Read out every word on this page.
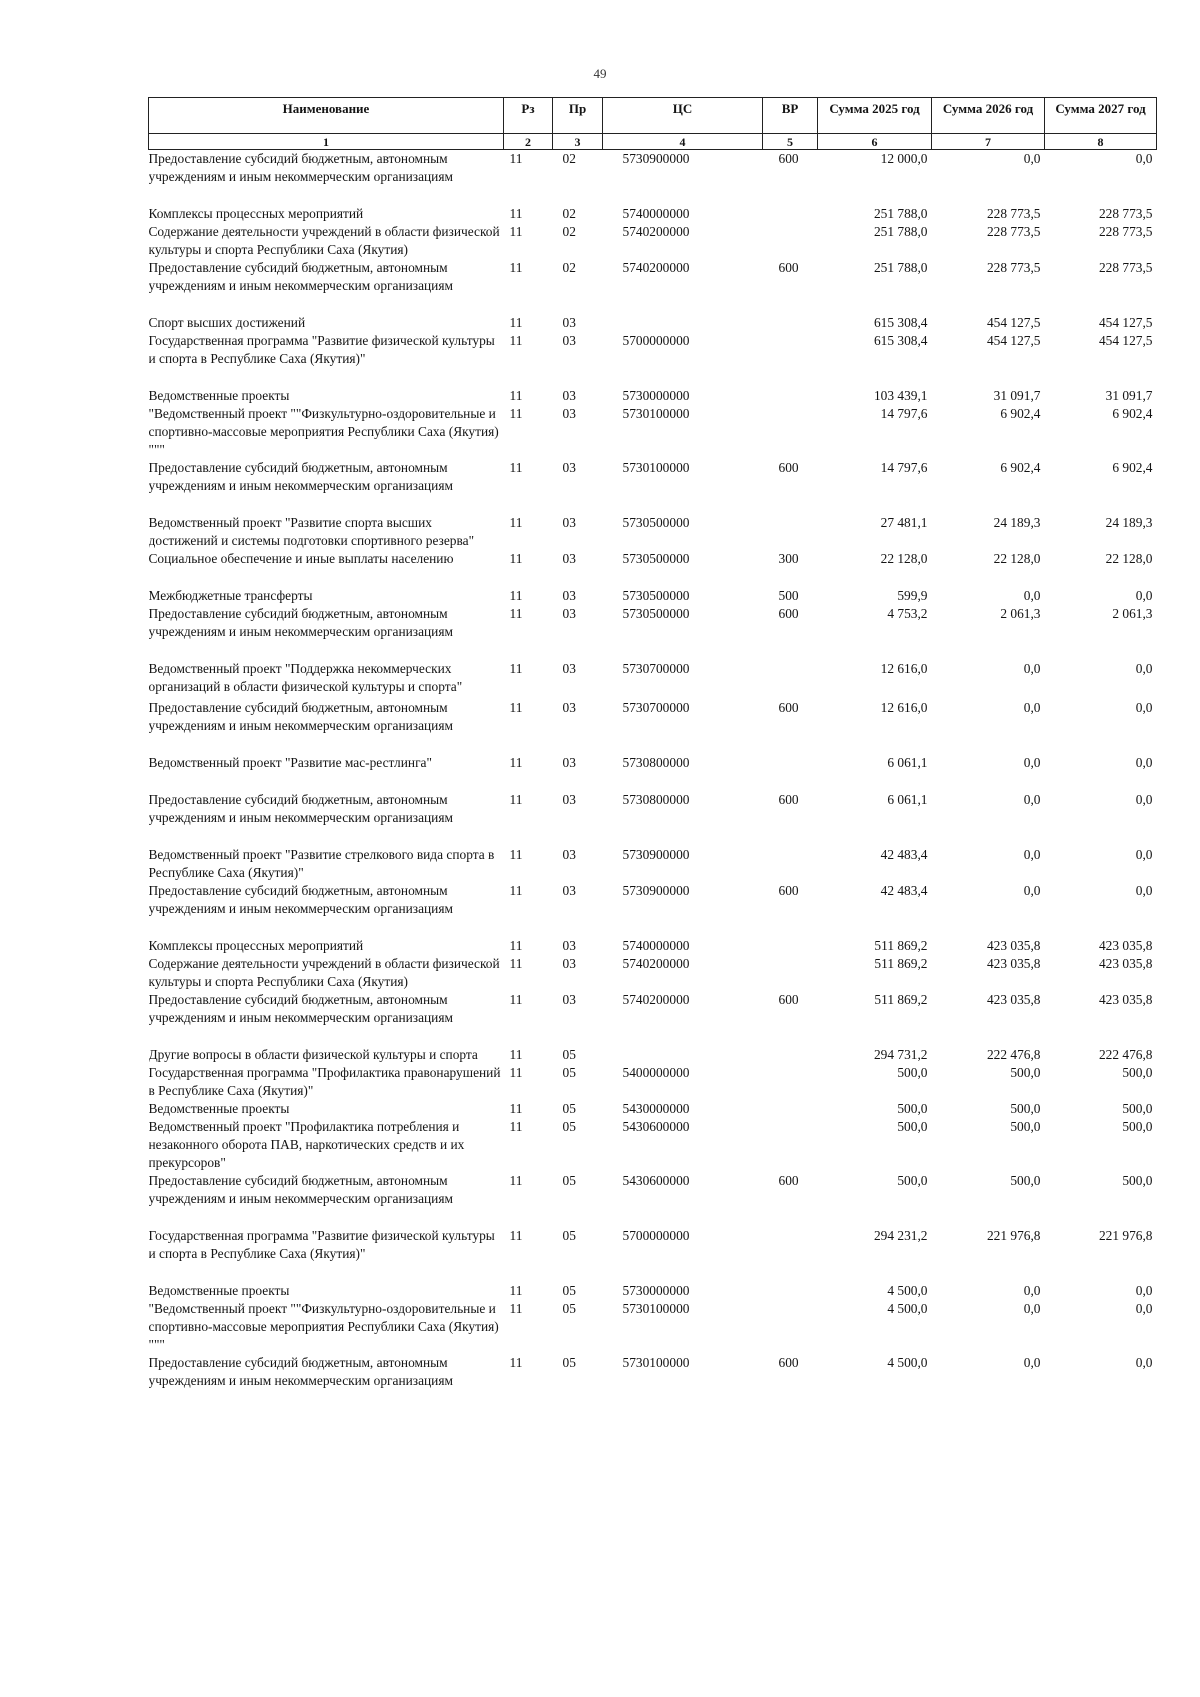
49
Наименование	Рз	Пр	ЦС	ВР	Сумма 2025 год	Сумма 2026 год	Сумма 2027 год
1	2	3	4	5	6	7	8
Предоставление субсидий бюджетным, автономным учреждениям и иным некоммерческим организациям	11	02	5730900000	600	12 000,0	0,0	0,0
Комплексы процессных мероприятий	11	02	5740000000		251 788,0	228 773,5	228 773,5
Содержание деятельности учреждений в области физической культуры и спорта Республики Саха (Якутия)	11	02	5740200000		251 788,0	228 773,5	228 773,5
Предоставление субсидий бюджетным, автономным учреждениям и иным некоммерческим организациям	11	02	5740200000	600	251 788,0	228 773,5	228 773,5
Спорт высших достижений	11	03			615 308,4	454 127,5	454 127,5
Государственная программа "Развитие физической культуры и спорта в Республике Саха (Якутия)"	11	03	5700000000		615 308,4	454 127,5	454 127,5
Ведомственные проекты	11	03	5730000000		103 439,1	31 091,7	31 091,7
"Ведомственный проект ""Физкультурно-оздоровительные и спортивно-массовые мероприятия Республики Саха (Якутия) """	11	03	5730100000		14 797,6	6 902,4	6 902,4
Предоставление субсидий бюджетным, автономным учреждениям и иным некоммерческим организациям	11	03	5730100000	600	14 797,6	6 902,4	6 902,4
Ведомственный проект "Развитие спорта высших достижений и системы подготовки спортивного резерва"	11	03	5730500000		27 481,1	24 189,3	24 189,3
Социальное обеспечение и иные выплаты населению	11	03	5730500000	300	22 128,0	22 128,0	22 128,0
Межбюджетные трансферты	11	03	5730500000	500	599,9	0,0	0,0
Предоставление субсидий бюджетным, автономным учреждениям и иным некоммерческим организациям	11	03	5730500000	600	4 753,2	2 061,3	2 061,3
Ведомственный проект "Поддержка некоммерческих организаций в области физической культуры и спорта"	11	03	5730700000		12 616,0	0,0	0,0
Предоставление субсидий бюджетным, автономным учреждениям и иным некоммерческим организациям	11	03	5730700000	600	12 616,0	0,0	0,0
Ведомственный проект "Развитие мас-рестлинга"	11	03	5730800000		6 061,1	0,0	0,0
Предоставление субсидий бюджетным, автономным учреждениям и иным некоммерческим организациям	11	03	5730800000	600	6 061,1	0,0	0,0
Ведомственный проект "Развитие стрелкового вида спорта в Республике Саха (Якутия)"	11	03	5730900000		42 483,4	0,0	0,0
Предоставление субсидий бюджетным, автономным учреждениям и иным некоммерческим организациям	11	03	5730900000	600	42 483,4	0,0	0,0
Комплексы процессных мероприятий	11	03	5740000000		511 869,2	423 035,8	423 035,8
Содержание деятельности учреждений в области физической культуры и спорта Республики Саха (Якутия)	11	03	5740200000		511 869,2	423 035,8	423 035,8
Предоставление субсидий бюджетным, автономным учреждениям и иным некоммерческим организациям	11	03	5740200000	600	511 869,2	423 035,8	423 035,8
Другие вопросы в области физической культуры и спорта	11	05			294 731,2	222 476,8	222 476,8
Государственная программа "Профилактика правонарушений в Республике Саха (Якутия)"	11	05	5400000000		500,0	500,0	500,0
Ведомственные проекты	11	05	5430000000		500,0	500,0	500,0
Ведомственный проект "Профилактика потребления и незаконного оборота ПАВ, наркотических средств и их прекурсоров"	11	05	5430600000		500,0	500,0	500,0
Предоставление субсидий бюджетным, автономным учреждениям и иным некоммерческим организациям	11	05	5430600000	600	500,0	500,0	500,0
Государственная программа "Развитие физической культуры и спорта в Республике Саха (Якутия)"	11	05	5700000000		294 231,2	221 976,8	221 976,8
Ведомственные проекты	11	05	5730000000		4 500,0	0,0	0,0
"Ведомственный проект ""Физкультурно-оздоровительные и спортивно-массовые мероприятия Республики Саха (Якутия) """	11	05	5730100000		4 500,0	0,0	0,0
Предоставление субсидий бюджетным, автономным учреждениям и иным некоммерческим организациям	11	05	5730100000	600	4 500,0	0,0	0,0
